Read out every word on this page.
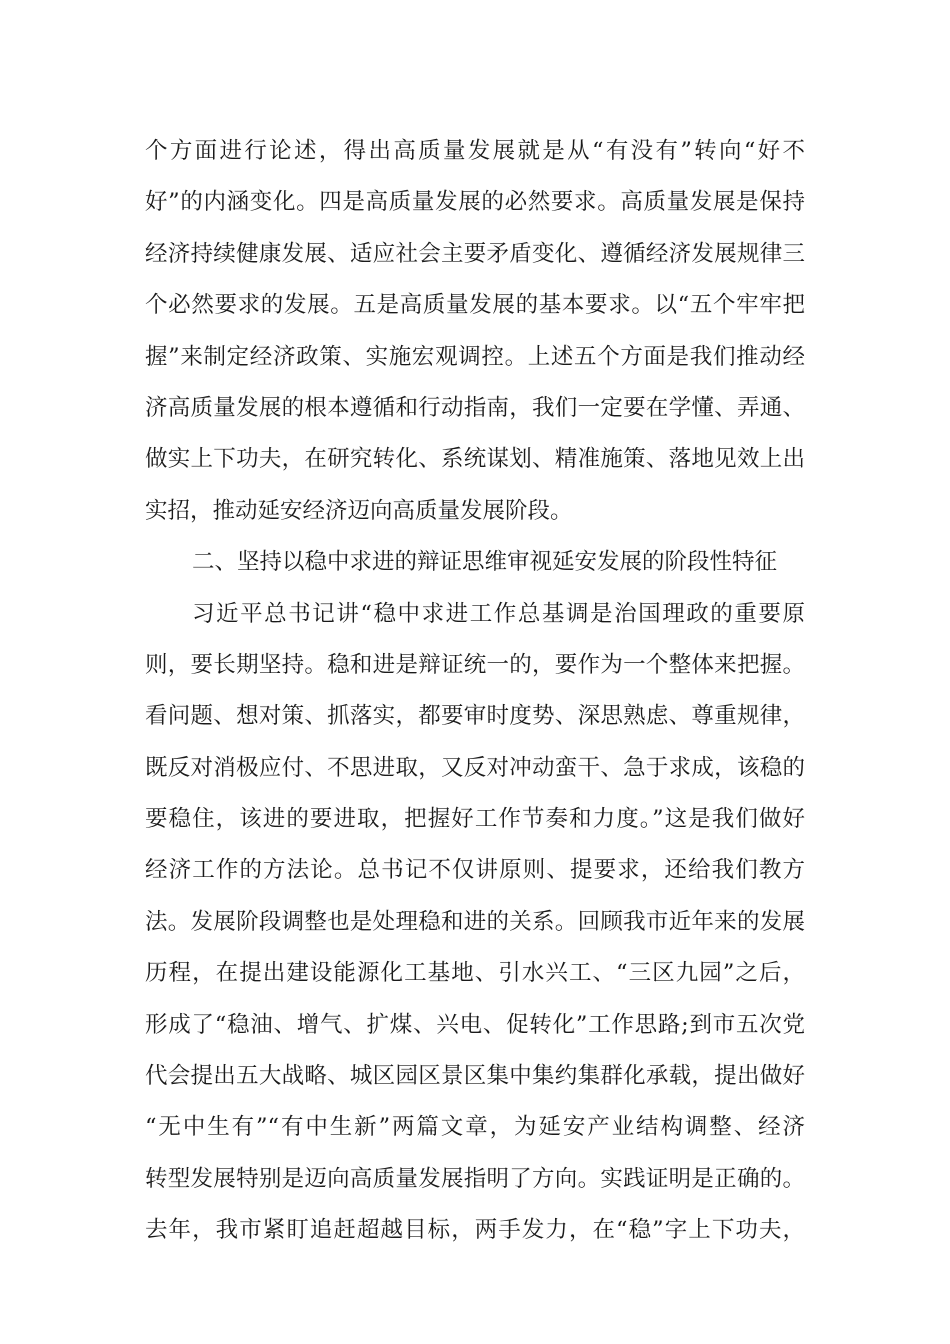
个方面进行论述，得出高质量发展就是从“有没有”转向“好不
好”的内涵变化。四是高质量发展的必然要求。高质量发展是保持
经济持续健康发展、适应社会主要矛盾变化、遵循经济发展规律三
个必然要求的发展。五是高质量发展的基本要求。以“五个牢牢把
握”来制定经济政策、实施宏观调控。上述五个方面是我们推动经
济高质量发展的根本遵循和行动指南，我们一定要在学懂、弄通、
做实上下功夫，在研究转化、系统谋划、精准施策、落地见效上出
实招，推动延安经济迈向高质量发展阶段。
二、坚持以稳中求进的辩证思维审视延安发展的阶段性特征
习近平总书记讲“稳中求进工作总基调是治国理政的重要原
则，要长期坚持。稳和进是辩证统一的，要作为一个整体来把握。
看问题、想对策、抓落实，都要审时度势、深思熟虑、尊重规律，
既反对消极应付、不思进取，又反对冲动蛮干、急于求成，该稳的
要稳住，该进的要进取，把握好工作节奏和力度。”这是我们做好
经济工作的方法论。总书记不仅讲原则、提要求，还给我们教方
法。发展阶段调整也是处理稳和进的关系。回顾我市近年来的发展
历程，在提出建设能源化工基地、引水兴工、“三区九园”之后，
形成了“稳油、增气、扩煤、兴电、促转化”工作思路;到市五次党
代会提出五大战略、城区园区景区集中集约集群化承载，提出做好
“无中生有”“有中生新”两篇文章，为延安产业结构调整、经济
转型发展特别是迈向高质量发展指明了方向。实践证明是正确的。
去年，我市紧盯追赶超越目标，两手发力，在“稳”字上下功夫，
